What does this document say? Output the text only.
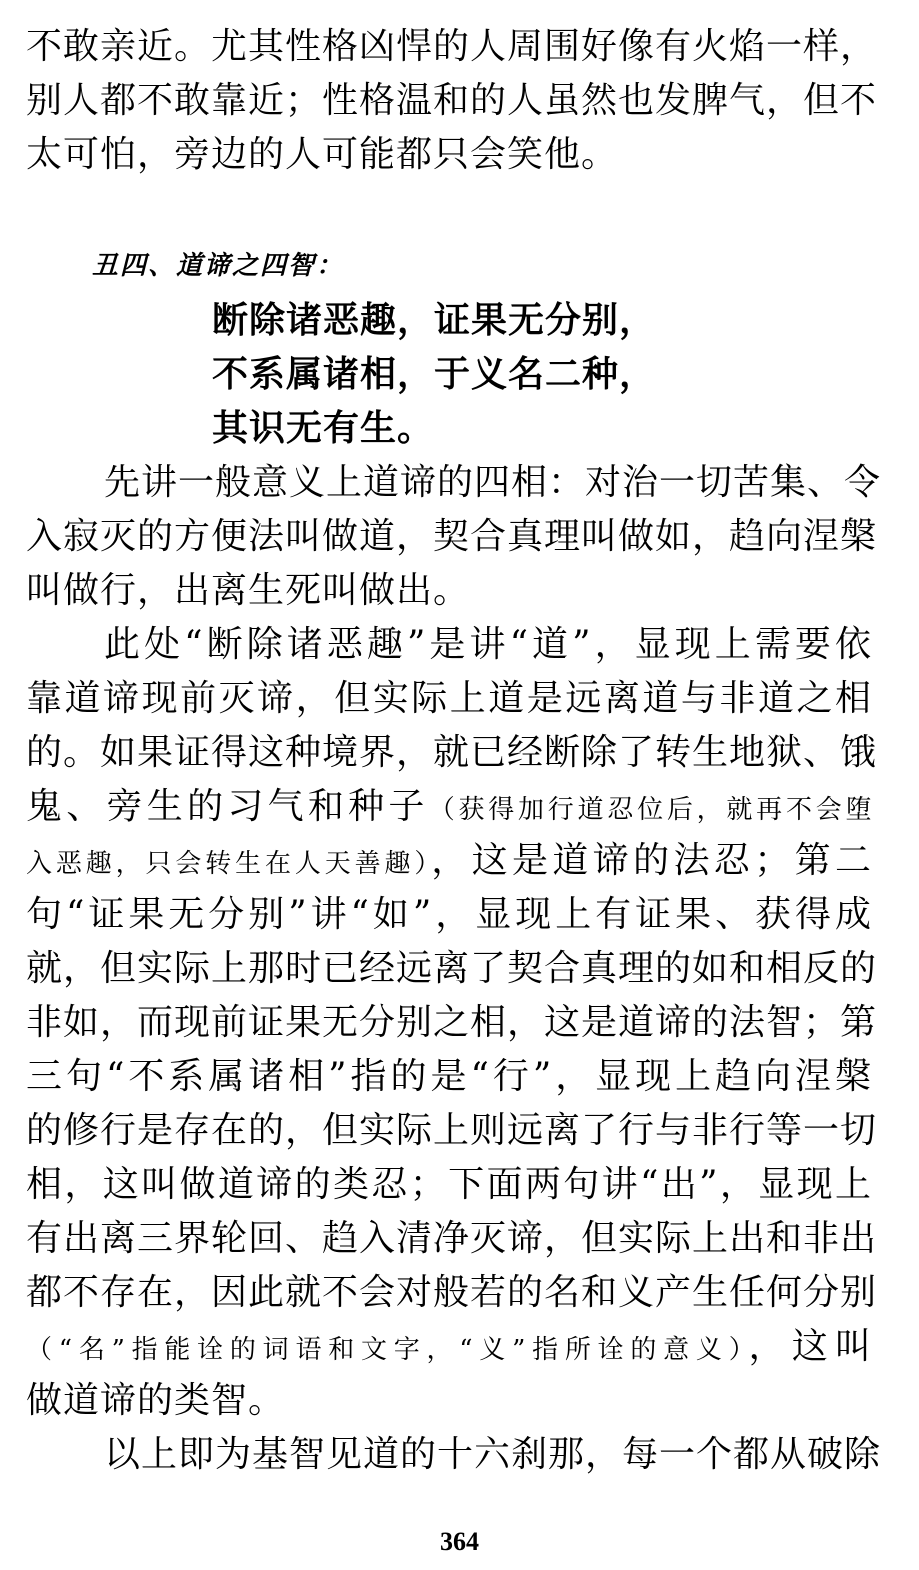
不敢亲近。尤其性格凶悍的人周围好像有火焰一样，
别人都不敢靠近；性格温和的人虽然也发脾气，但不
太可怕，旁边的人可能都只会笑他。
丑四、道谛之四智：
断除诸恶趣，证果无分别，
不系属诸相，于义名二种，
其识无有生。
先讲一般意义上道谛的四相：对治一切苦集、令
入寂灭的方便法叫做道，契合真理叫做如，趋向涅槃
叫做行，出离生死叫做出。
此处“断除诸恶趣”是讲“道”，显现上需要依
靠道谛现前灭谛，但实际上道是远离道与非道之相
的。如果证得这种境界，就已经断除了转生地狱、饿
鬼、旁生的习气和种子（获得加行道忍位后，就再不会堕
入恶趣，只会转生在人天善趣），这是道谛的法忍；第二
句“证果无分别”讲“如”，显现上有证果、获得成
就，但实际上那时已经远离了契合真理的如和相反的
非如，而现前证果无分别之相，这是道谛的法智；第
三句“不系属诸相”指的是“行”，显现上趋向涅槃
的修行是存在的，但实际上则远离了行与非行等一切
相，这叫做道谛的类忍；下面两句讲“出”，显现上
有出离三界轮回、趋入清净灭谛，但实际上出和非出
都不存在，因此就不会对般若的名和义产生任何分别
（“名”指能诠的词语和文字，“义”指所诠的意义），这叫
做道谛的类智。
以上即为基智见道的十六刹那，每一个都从破除
364
